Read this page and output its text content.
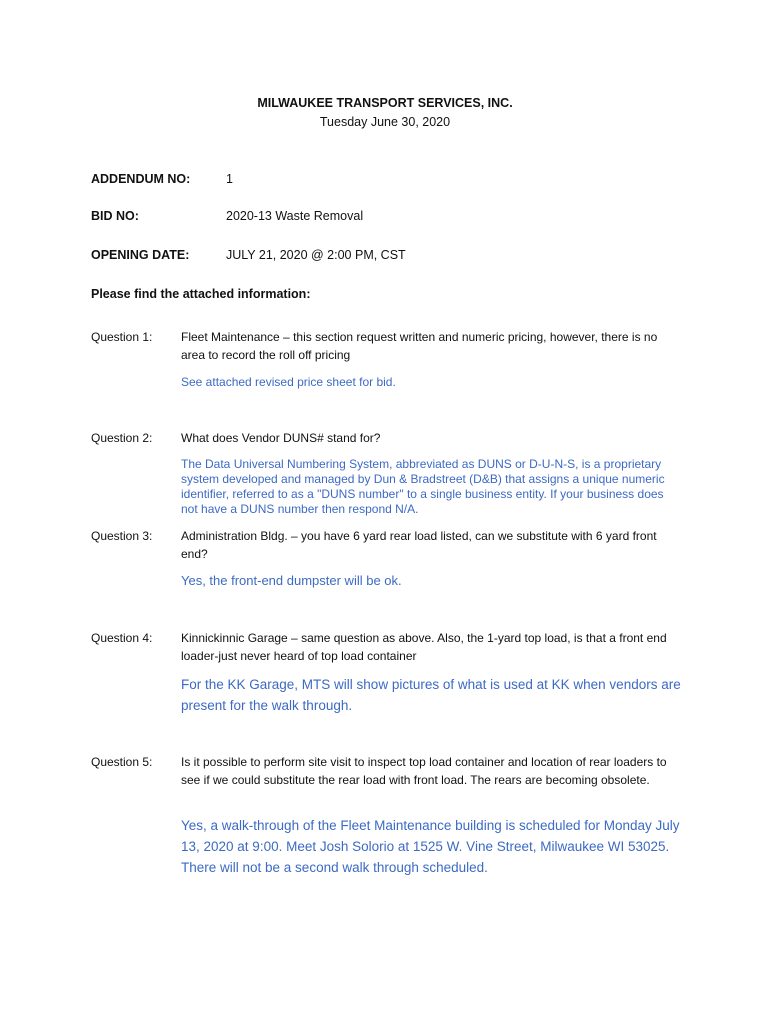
MILWAUKEE TRANSPORT SERVICES, INC.
Tuesday June 30, 2020
ADDENDUM NO:	1
BID NO:	2020-13 Waste Removal
OPENING DATE:	JULY 21, 2020 @ 2:00 PM, CST
Please find the attached information:
Question 1: Fleet Maintenance – this section request written and numeric pricing, however, there is no area to record the roll off pricing
See attached revised price sheet for bid.
Question 2: What does Vendor DUNS# stand for?
The Data Universal Numbering System, abbreviated as DUNS or D-U-N-S, is a proprietary system developed and managed by Dun & Bradstreet (D&B) that assigns a unique numeric identifier, referred to as a "DUNS number" to a single business entity. If your business does not have a DUNS number then respond N/A.
Question 3: Administration Bldg. – you have 6 yard rear load listed, can we substitute with 6 yard front end?
Yes, the front-end dumpster will be ok.
Question 4: Kinnickinnic Garage – same question as above. Also, the 1-yard top load, is that a front end loader-just never heard of top load container
For the KK Garage, MTS will show pictures of what is used at KK when vendors are present for the walk through.
Question 5: Is it possible to perform site visit to inspect top load container and location of rear loaders to see if we could substitute the rear load with front load. The rears are becoming obsolete.
Yes, a walk-through of the Fleet Maintenance building is scheduled for Monday July 13, 2020 at 9:00. Meet Josh Solorio at 1525 W. Vine Street, Milwaukee WI 53025. There will not be a second walk through scheduled.
